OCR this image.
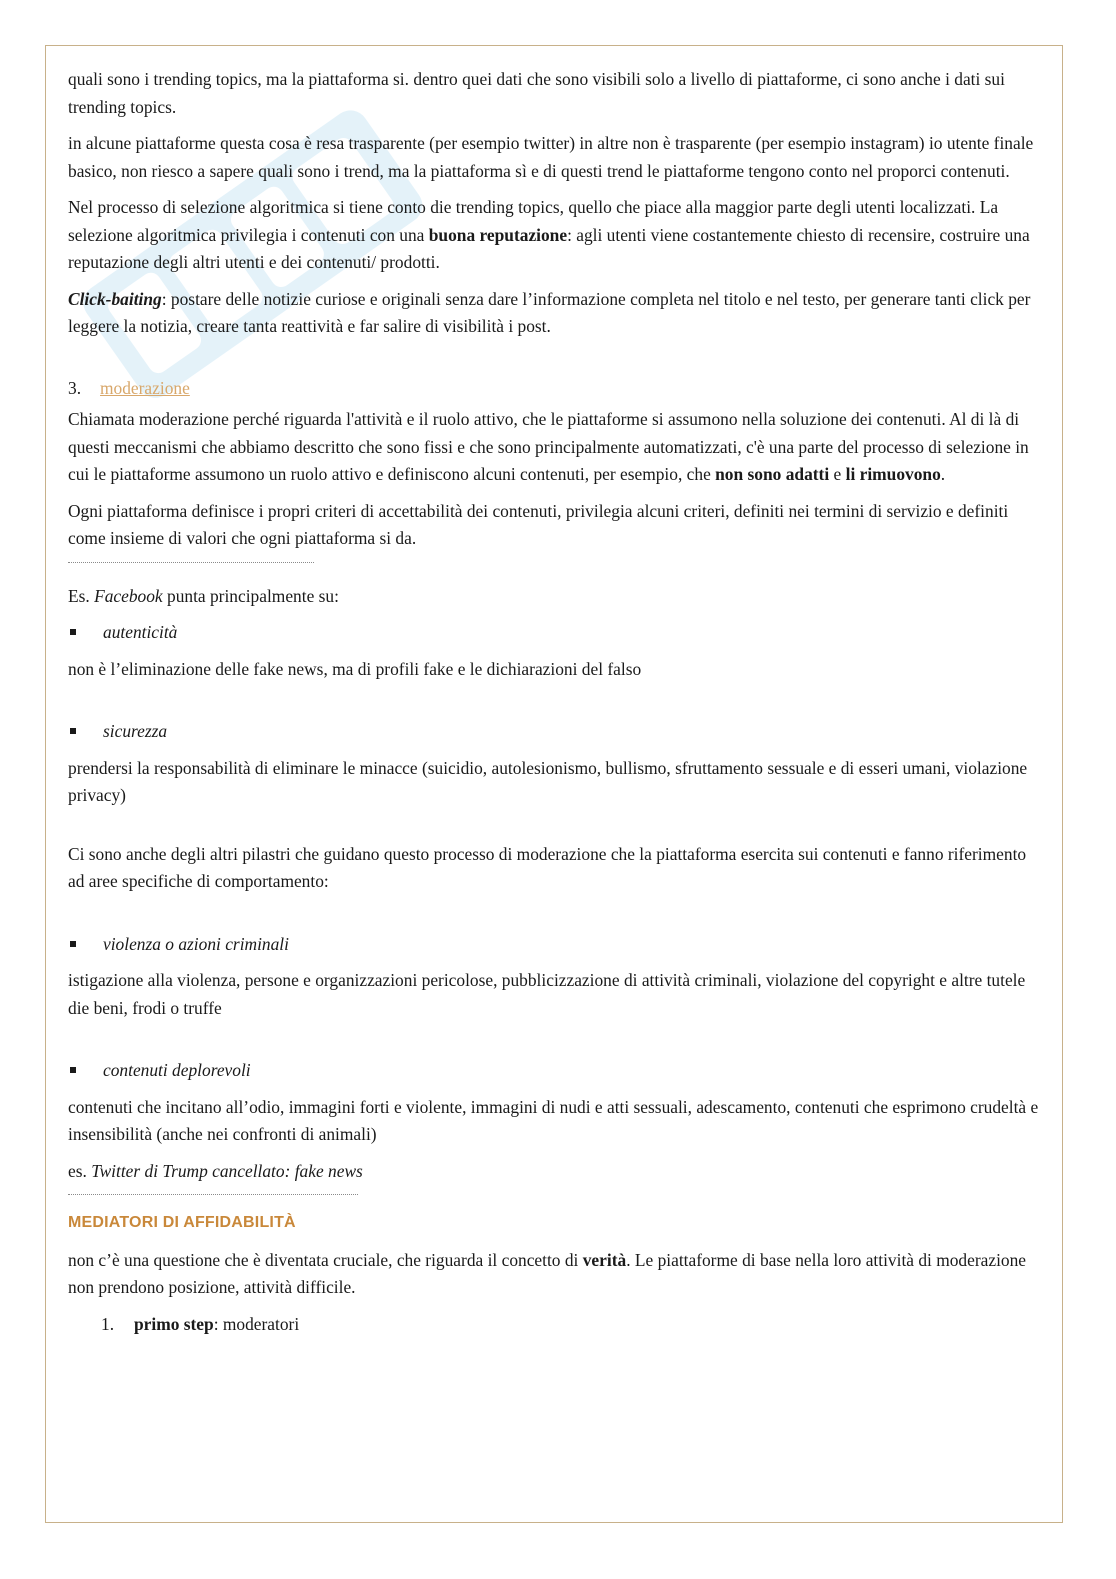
quali sono i trending topics, ma la piattaforma si. dentro quei dati che sono visibili solo a livello di piattaforme, ci sono anche i dati sui trending topics.

in alcune piattaforme questa cosa è resa trasparente (per esempio twitter) in altre non è trasparente (per esempio instagram) io utente finale basico, non riesco a sapere quali sono i trend, ma la piattaforma sì e di questi trend le piattaforme tengono conto nel proporci contenuti.

Nel processo di selezione algoritmica si tiene conto die trending topics, quello che piace alla maggior parte degli utenti localizzati. La selezione algoritmica privilegia i contenuti con una buona reputazione: agli utenti viene costantemente chiesto di recensire, costruire una reputazione degli altri utenti e dei contenuti/ prodotti.

Click-baiting: postare delle notizie curiose e originali senza dare l’informazione completa nel titolo e nel testo, per generare tanti click per leggere la notizia, creare tanta reattività e far salire di visibilità i post.

3. moderazione

Chiamata moderazione perché riguarda l'attività e il ruolo attivo, che le piattaforme si assumono nella soluzione dei contenuti. Al di là di questi meccanismi che abbiamo descritto che sono fissi e che sono principalmente automatizzati, c'è una parte del processo di selezione in cui le piattaforme assumono un ruolo attivo e definiscono alcuni contenuti, per esempio, che non sono adatti e li rimuovono.

Ogni piattaforma definisce i propri criteri di accettabilità dei contenuti, privilegia alcuni criteri, definiti nei termini di servizio e definiti come insieme di valori che ogni piattaforma si da.

Es. Facebook punta principalmente su:

autenticità

non è l’eliminazione delle fake news, ma di profili fake e le dichiarazioni del falso

sicurezza

prendersi la responsabilità di eliminare le minacce (suicidio, autolesionismo, bullismo, sfruttamento sessuale e di esseri umani, violazione privacy)

Ci sono anche degli altri pilastri che guidano questo processo di moderazione che la piattaforma esercita sui contenuti e fanno riferimento ad aree specifiche di comportamento:

violenza o azioni criminali

istigazione alla violenza, persone e organizzazioni pericolose, pubblicizzazione di attività criminali, violazione del copyright e altre tutele die beni, frodi o truffe

contenuti deplorevoli

contenuti che incitano all’odio, immagini forti e violente, immagini di nudi e atti sessuali, adescamento, contenuti che esprimono crudeltà e insensibilità (anche nei confronti di animali)

es. Twitter di Trump cancellato: fake news

MEDIATORI DI AFFIDABILITÀ

non c’è una questione che è diventata cruciale, che riguarda il concetto di verità. Le piattaforme di base nella loro attività di moderazione non prendono posizione, attività difficile.

1. primo step: moderatori
